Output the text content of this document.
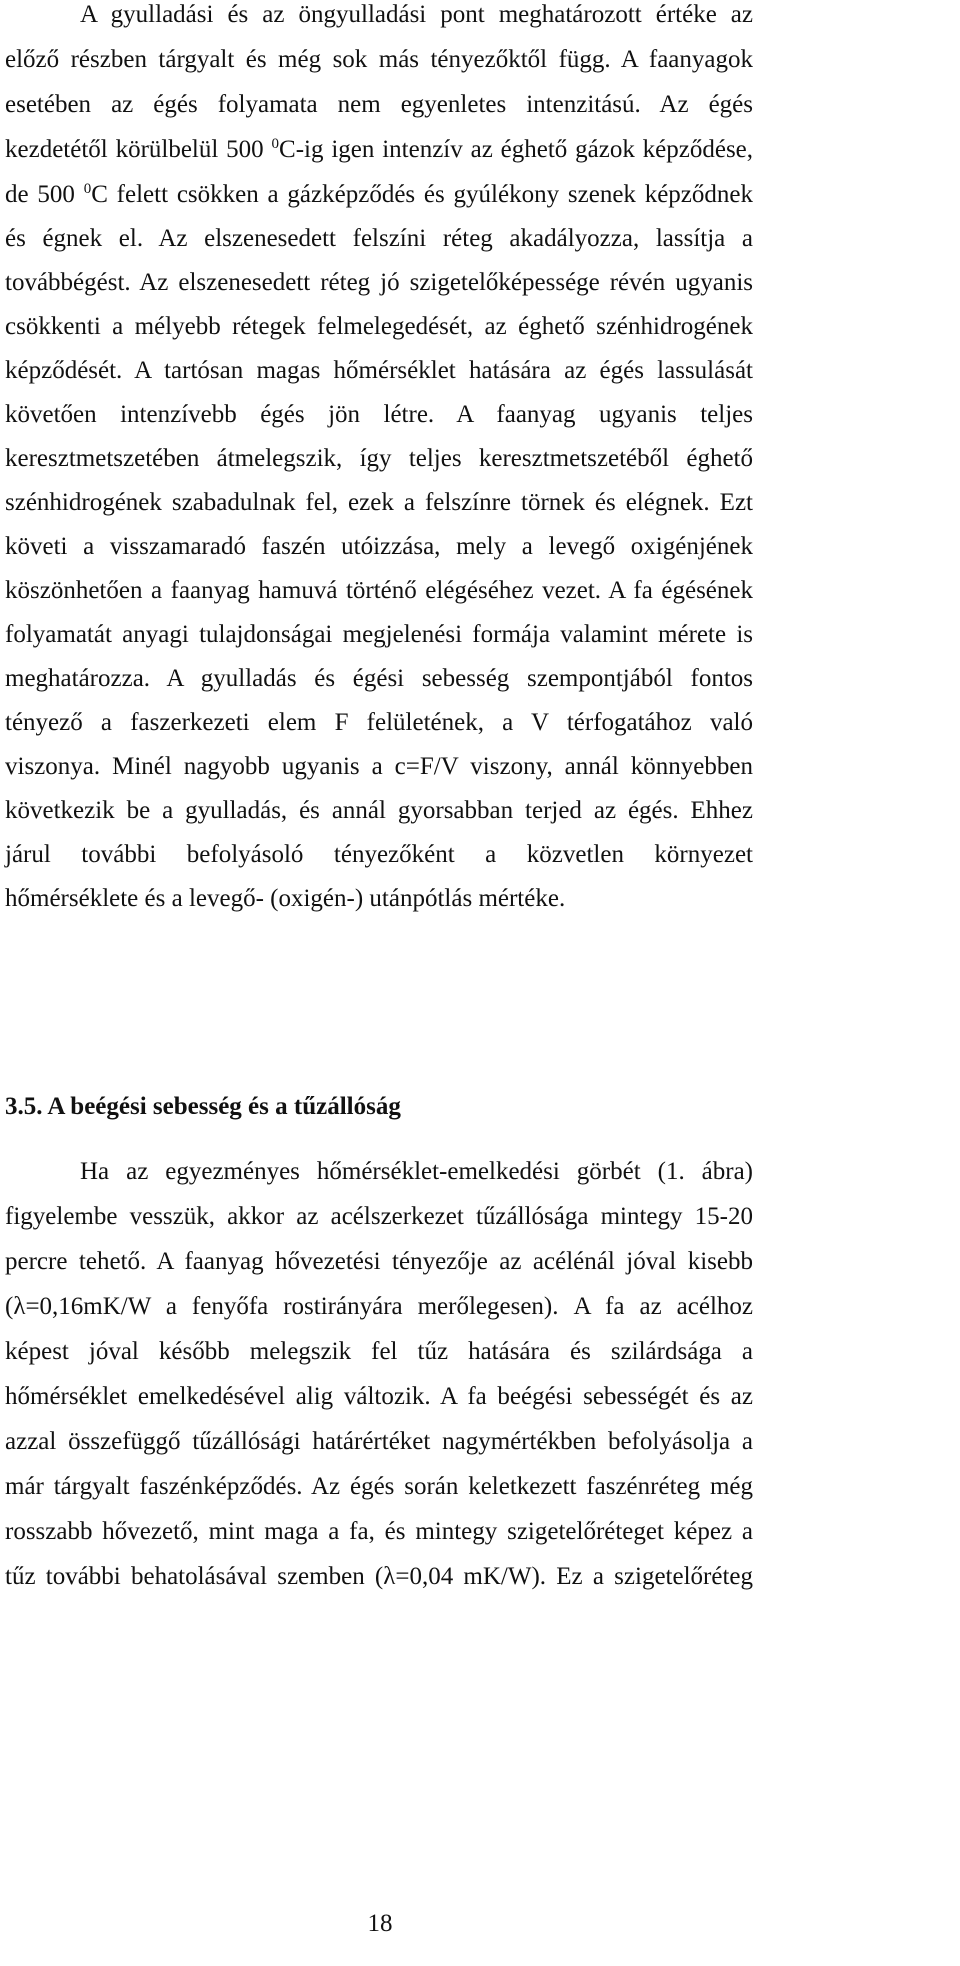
A gyulladási és az öngyulladási pont meghatározott értéke az
előző részben tárgyalt és még sok más tényezőktől függ. A faanyagok
esetében az égés folyamata nem egyenletes intenzitású. Az égés
kezdetétől körülbelül 500 $^0$C-ig igen intenzív az éghető gázok képződése,
de 500 $^0$C felett csökken a gázképződés és gyúlékony szenek képződnek
és égnek el. Az elszenesedett felszíni réteg akadályozza, lassítja a
továbbégést. Az elszenesedett réteg jó szigetelőképessége révén ugyanis
csökkenti a mélyebb rétegek felmelegedését, az éghető szénhidrogének
képződését. A tartósan magas hőmérséklet hatására az égés lassulását
követően intenzívebb égés jön létre. A faanyag ugyanis teljes
keresztmetszetében átmelegszik, így teljes keresztmetszetéből éghető
szénhidrogének szabadulnak fel, ezek a felszínre törnek és elégnek. Ezt
követi a visszamaradó faszén utóizzása, mely a levegő oxigénjének
köszönhetően a faanyag hamuvá történő elégéséhez vezet. A fa égésének
folyamatát anyagi tulajdonságai megjelenési formája valamint mérete is
meghatározza. A gyulladás és égési sebesség szempontjából fontos
tényező a faszerkezeti elem F felületének, a V térfogatához való
viszonya. Minél nagyobb ugyanis a c=F/V viszony, annál könnyebben
következik be a gyulladás, és annál gyorsabban terjed az égés. Ehhez
járul további befolyásoló tényezőként a közvetlen környezet
hőmérséklete és a levegő- (oxigén-) utánpótlás mértéke.
3.5. A beégési sebesség és a tűzállóság
Ha az egyezményes hőmérséklet-emelkedési görbét (1. ábra)
figyelembe vesszük, akkor az acélszerkezet tűzállósága mintegy 15-20
percre tehető. A faanyag hővezetési tényezője az acélénál jóval kisebb
(λ=0,16mK/W a fenyőfa rostirányára merőlegesen). A fa az acélhoz
képest jóval később melegszik fel tűz hatására és szilárdsága a
hőmérséklet emelkedésével alig változik. A fa beégési sebességét és az
azzal összefüggő tűzállósági határértéket nagymértékben befolyásolja a
már tárgyalt faszénképződés. Az égés során keletkezett faszénréteg még
rosszabb hővezető, mint maga a fa, és mintegy szigetelőréteget képez a
tűz további behatolásával szemben (λ=0,04 mK/W). Ez a szigetelőréteg
18
